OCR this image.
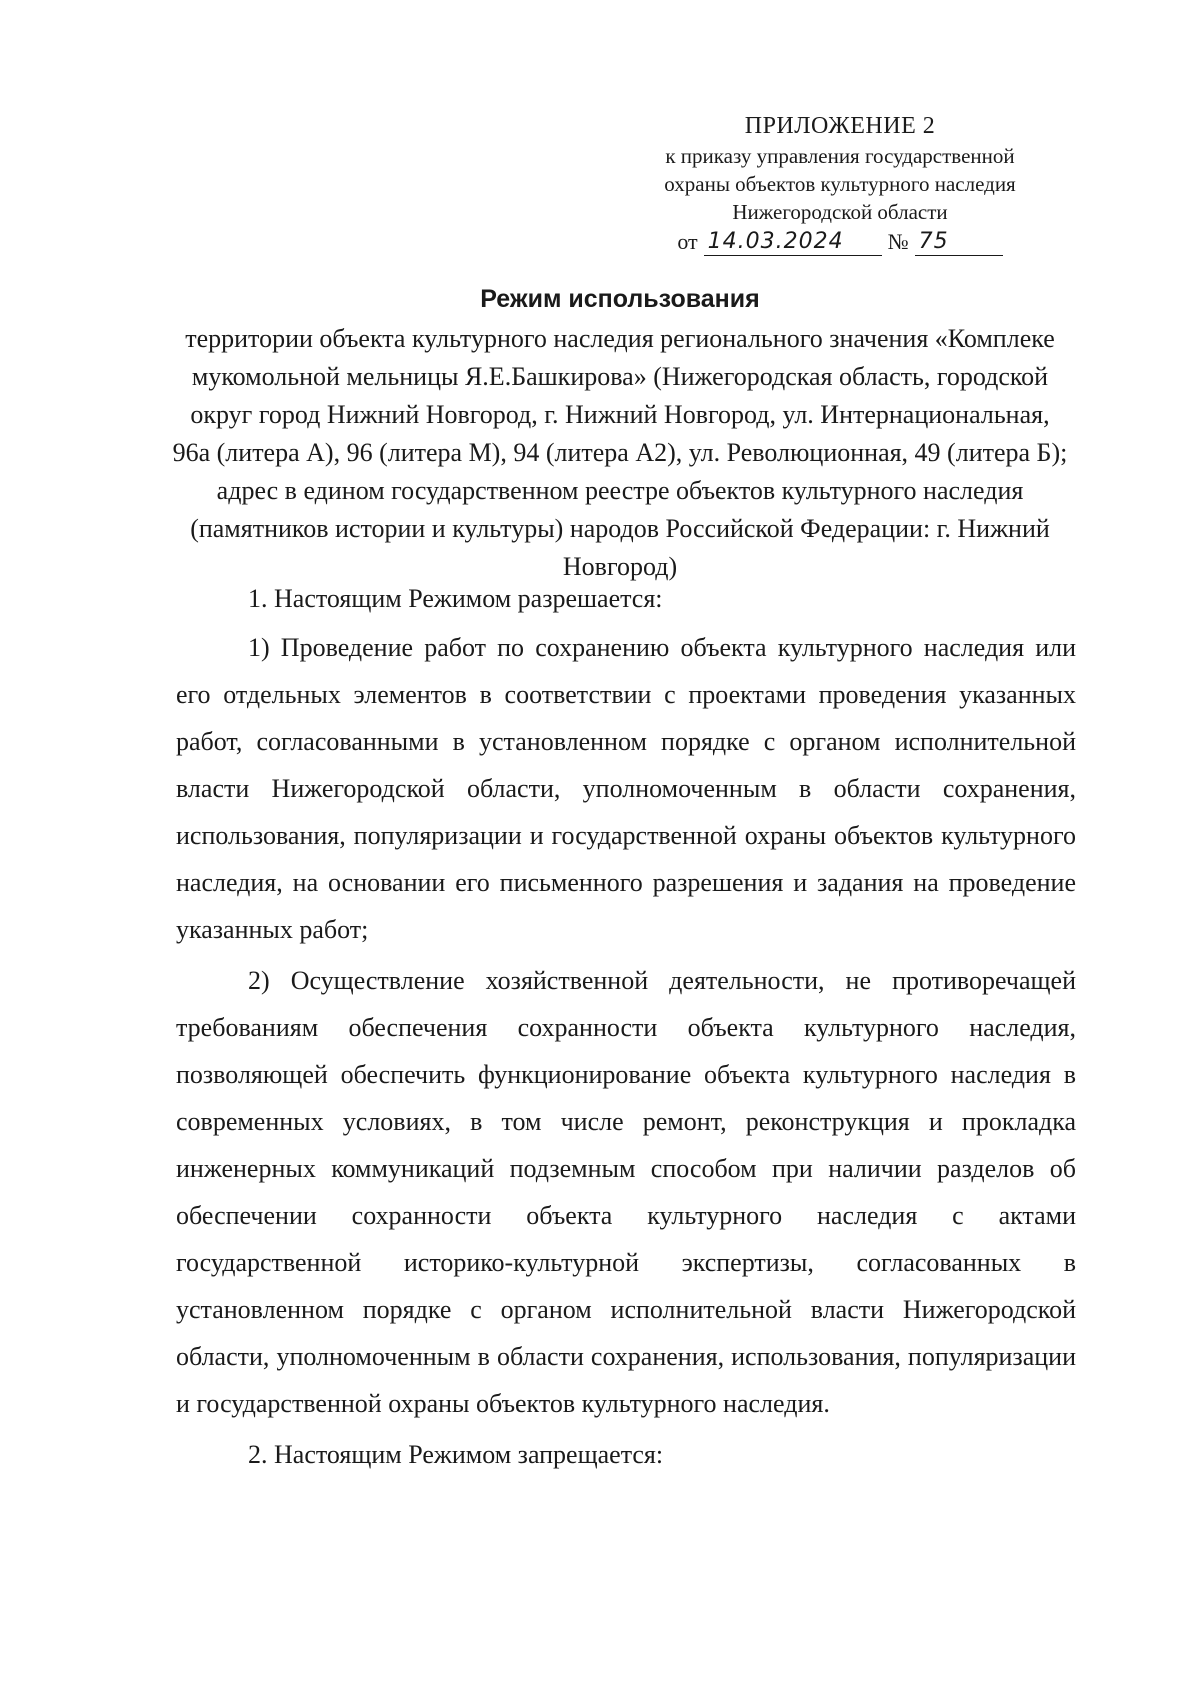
ПРИЛОЖЕНИЕ 2
к приказу управления государственной
охраны объектов культурного наследия
Нижегородской области
от 14.03.2024	№ 75
Режим использования
территории объекта культурного наследия регионального значения «Комплеке мукомольной мельницы Я.Е.Башкирова» (Нижегородская область, городской округ город Нижний Новгород, г. Нижний Новгород, ул. Интернациональная, 96а (литера А), 96 (литера М), 94 (литера А2), ул. Революционная, 49 (литера Б); адрес в едином государственном реестре объектов культурного наследия (памятников истории и культуры) народов Российской Федерации: г. Нижний Новгород)

1. Настоящим Режимом разрешается:

1) Проведение работ по сохранению объекта культурного наследия или его отдельных элементов в соответствии с проектами проведения указанных работ, согласованными в установленном порядке с органом исполнительной власти Нижегородской области, уполномоченным в области сохранения, использования, популяризации и государственной охраны объектов культурного наследия, на основании его письменного разрешения и задания на проведение указанных работ;

2) Осуществление хозяйственной деятельности, не противоречащей требованиям обеспечения сохранности объекта культурного наследия, позволяющей обеспечить функционирование объекта культурного наследия в современных условиях, в том числе ремонт, реконструкция и прокладка инженерных коммуникаций подземным способом при наличии разделов об обеспечении сохранности объекта культурного наследия с актами государственной историко-культурной экспертизы, согласованных в установленном порядке с органом исполнительной власти Нижегородской области, уполномоченным в области сохранения, использования, популяризации и государственной охраны объектов культурного наследия.

2. Настоящим Режимом запрещается:
